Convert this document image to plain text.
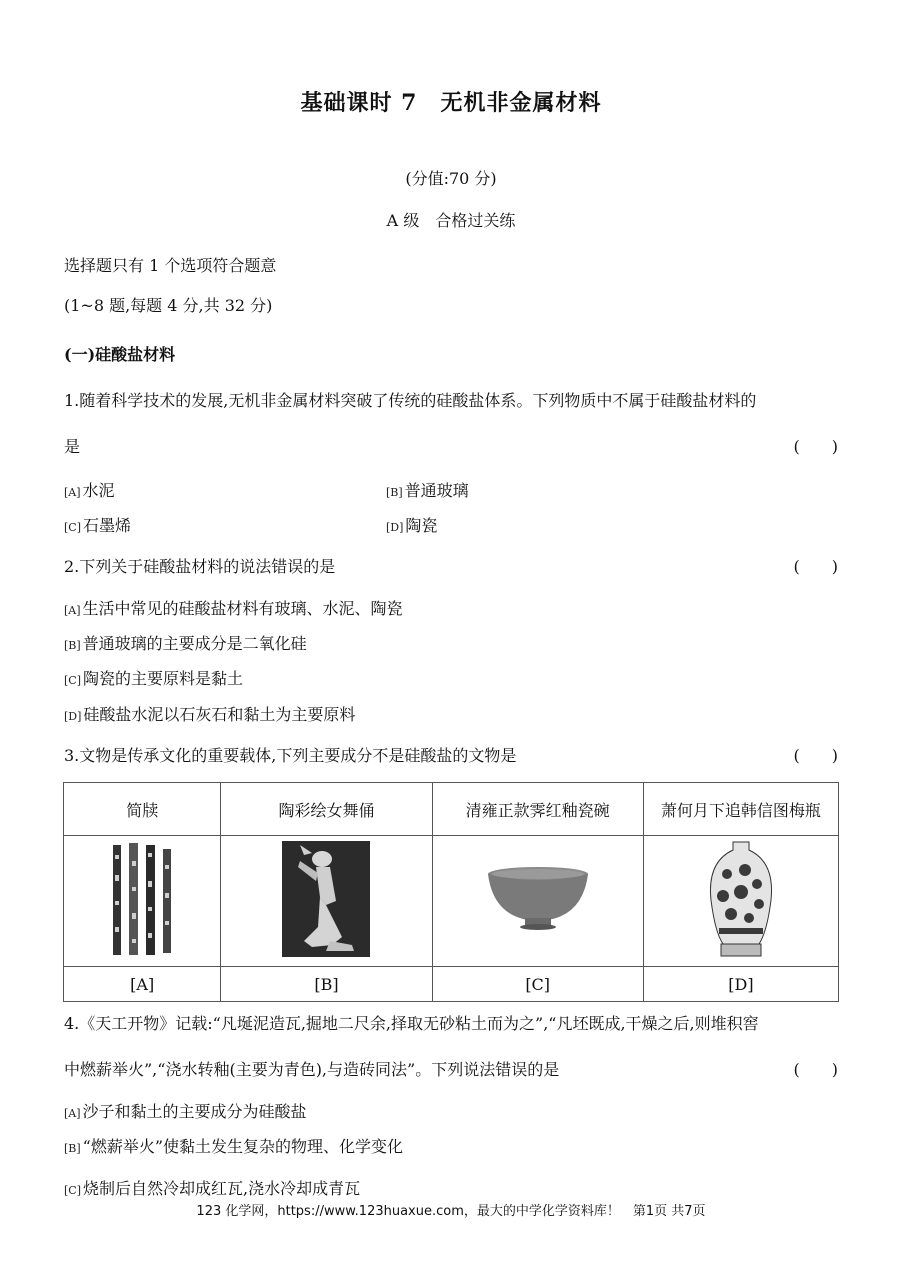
基础课时 7　无机非金属材料
(分值:70 分)
A 级　合格过关练
选择题只有 1 个选项符合题意
(1~8 题,每题 4 分,共 32 分)
(一)硅酸盐材料
1.随着科学技术的发展,无机非金属材料突破了传统的硅酸盐体系。下列物质中不属于硅酸盐材料的
是	(　　)
[A] 水泥	[B] 普通玻璃
[C] 石墨烯	[D] 陶瓷
2.下列关于硅酸盐材料的说法错误的是	(　　)
[A] 生活中常见的硅酸盐材料有玻璃、水泥、陶瓷
[B] 普通玻璃的主要成分是二氧化硅
[C] 陶瓷的主要原料是黏土
[D] 硅酸盐水泥以石灰石和黏土为主要原料
3.文物是传承文化的重要载体,下列主要成分不是硅酸盐的文物是	(　　)
简牍	陶彩绘女舞俑	清雍正款霁红釉瓷碗	萧何月下追韩信图梅瓶

[A]	[B]	[C]	[D]
4.《天工开物》记载:“凡埏泥造瓦,掘地二尺余,择取无砂粘土而为之”,“凡坯既成,干燥之后,则堆积窖
中燃薪举火”,“浇水转釉(主要为青色),与造砖同法”。下列说法错误的是	(　　)
[A] 沙子和黏土的主要成分为硅酸盐
[B] “燃薪举火”使黏土发生复杂的物理、化学变化
[C] 烧制后自然冷却成红瓦,浇水冷却成青瓦
123 化学网，https://www.123huaxue.com，最大的中学化学资料库！　第1页 共7页
